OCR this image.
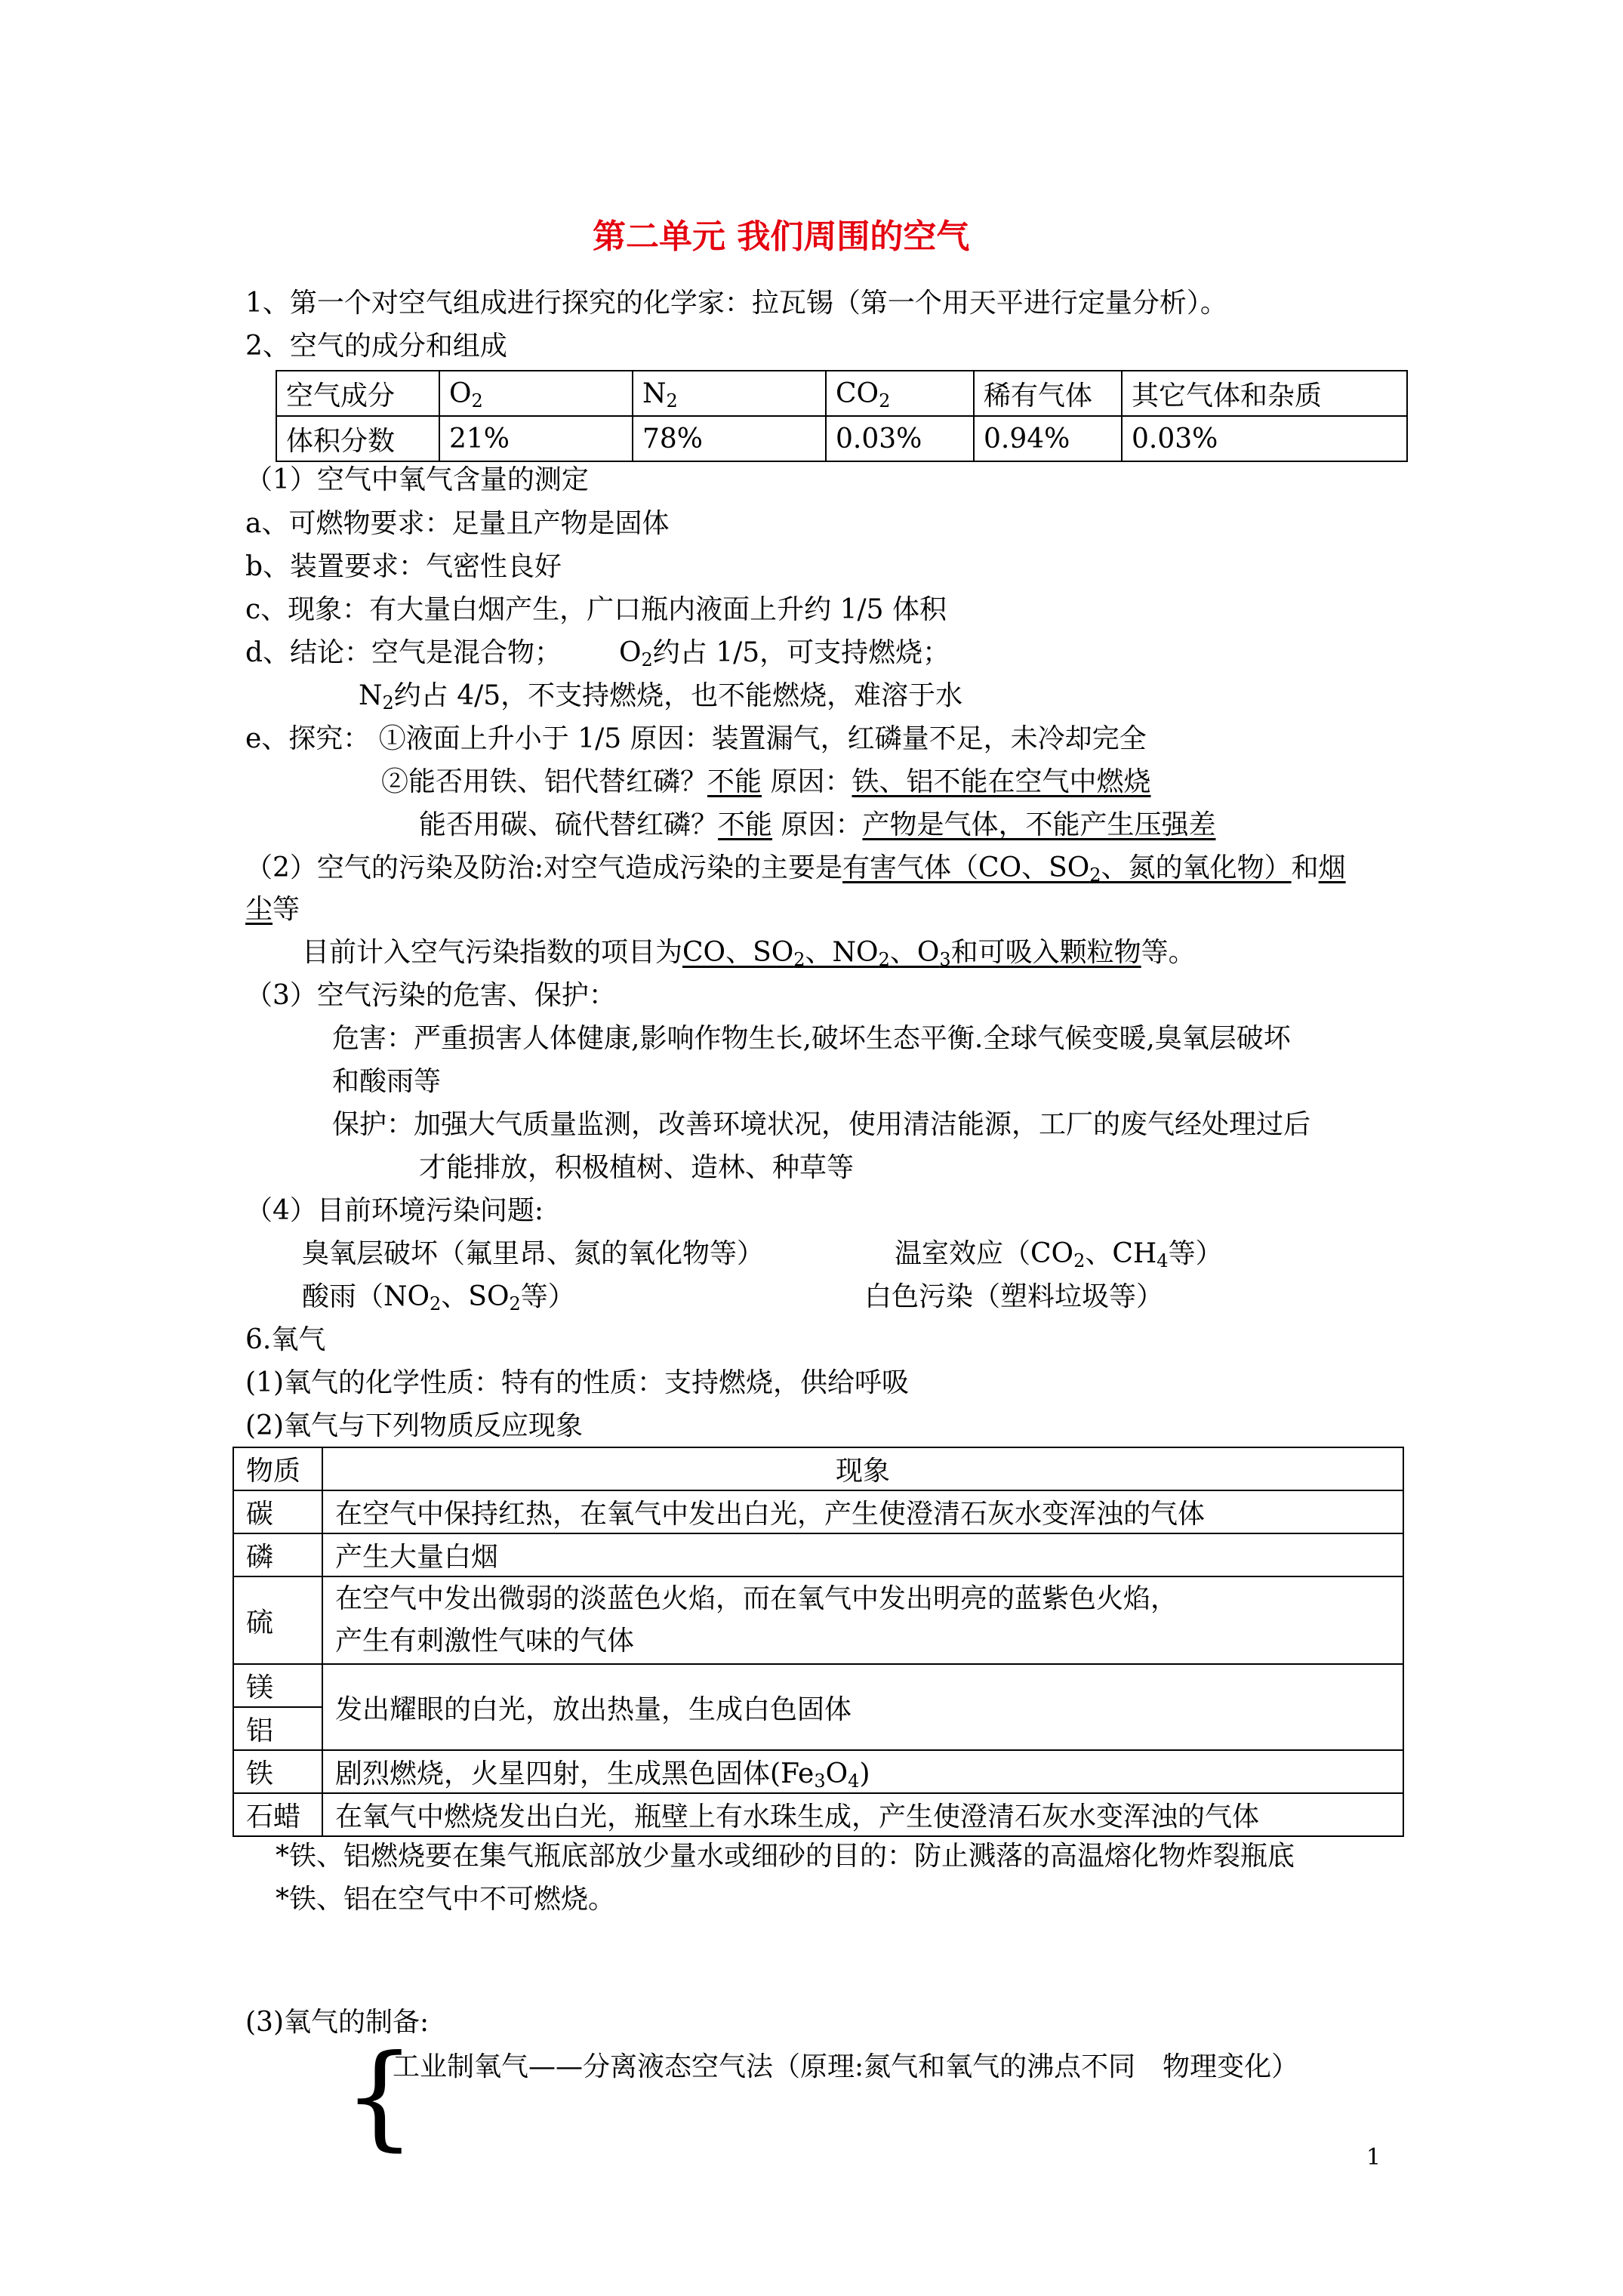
第二单元 我们周围的空气
1、第一个对空气组成进行探究的化学家：拉瓦锡（第一个用天平进行定量分析）。
2、空气的成分和组成
空气成分	$O_2$	$N_2$	$CO_2$	稀有气体	其它气体和杂质
体积分数	21%	78%	0.03%	0.94%	0.03%
（1）空气中氧气含量的测定
a、可燃物要求：足量且产物是固体
b、装置要求：气密性良好
c、现象：有大量白烟产生，广口瓶内液面上升约 1/5 体积
d、结论：空气是混合物； $O_2$约占 1/5，可支持燃烧；
$N_2$约占 4/5，不支持燃烧，也不能燃烧，难溶于水
e、探究： ①液面上升小于 1/5 原因：装置漏气，红磷量不足，未冷却完全
②能否用铁、铝代替红磷？不能 原因：铁、铝不能在空气中燃烧
能否用碳、硫代替红磷？不能 原因：产物是气体，不能产生压强差
（2）空气的污染及防治:对空气造成污染的主要是有害气体（CO、$SO_2$、氮的氧化物）和烟
尘等
目前计入空气污染指数的项目为CO、$SO_2$、$NO_2$、$O_3$和可吸入颗粒物等。
（3）空气污染的危害、保护：
危害：严重损害人体健康,影响作物生长,破坏生态平衡.全球气候变暖,臭氧层破坏
和酸雨等
保护：加强大气质量监测，改善环境状况，使用清洁能源，工厂的废气经处理过后
才能排放，积极植树、造林、种草等
（4）目前环境污染问题:
臭氧层破坏（氟里昂、氮的氧化物等）	温室效应（$CO_2$、$CH_4$等）
酸雨（$NO_2$、$SO_2$等）	白色污染（塑料垃圾等）
6.氧气
(1)氧气的化学性质：特有的性质：支持燃烧，供给呼吸
(2)氧气与下列物质反应现象
物质	现象
碳	在空气中保持红热，在氧气中发出白光，产生使澄清石灰水变浑浊的气体
磷	产生大量白烟
硫	在空气中发出微弱的淡蓝色火焰，而在氧气中发出明亮的蓝紫色火焰，
产生有刺激性气味的气体

镁	发出耀眼的白光，放出热量，生成白色固体
铝	
铁	剧烈燃烧，火星四射，生成黑色固体$(Fe_3O_4)$
石蜡	在氧气中燃烧发出白光，瓶壁上有水珠生成，产生使澄清石灰水变浑浊的气体
*铁、铝燃烧要在集气瓶底部放少量水或细砂的目的：防止溅落的高温熔化物炸裂瓶底
*铁、铝在空气中不可燃烧。
(3)氧气的制备:
{
工业制氧气——分离液态空气法（原理:氮气和氧气的沸点不同　物理变化）
1
